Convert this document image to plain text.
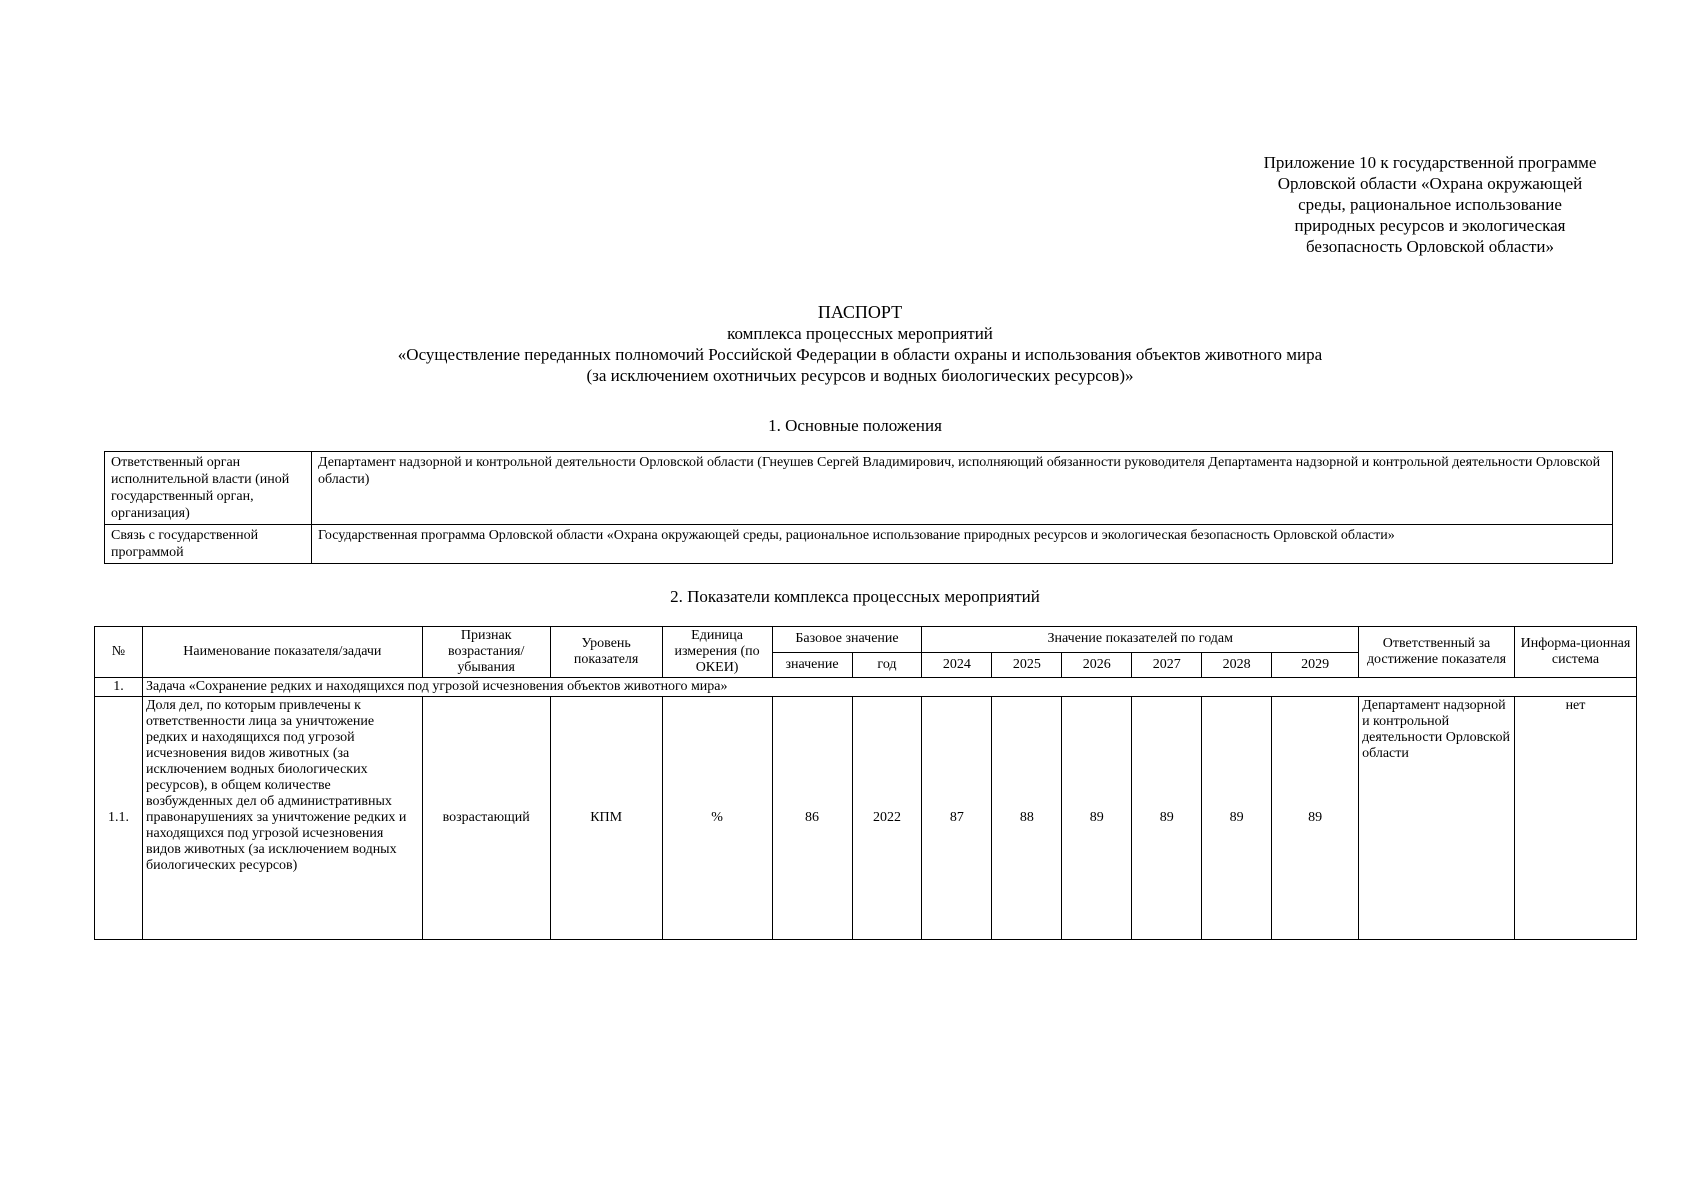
Приложение 10 к государственной программе
Орловской области «Охрана окружающей
среды, рациональное использование
природных ресурсов и экологическая
безопасность Орловской области»
ПАСПОРТ
комплекса процессных мероприятий
«Осуществление переданных полномочий Российской Федерации в области охраны и использования объектов животного мира
(за исключением охотничьих ресурсов и водных биологических ресурсов)»
1. Основные положения
Ответственный орган исполнительной власти (иной государственный орган, организация)	Департамент надзорной и контрольной деятельности Орловской области (Гнеушев Сергей Владимирович, исполняющий обязанности руководителя Департамента надзорной и контрольной деятельности Орловской области)
Связь с государственной программой	Государственная программа Орловской области «Охрана окружающей среды, рациональное использование природных ресурсов и экологическая безопасность Орловской области»
2. Показатели комплекса процессных мероприятий
№	Наименование показателя/задачи	Признак возрастания/ убывания	Уровень показателя	Единица измерения (по ОКЕИ)	Базовое значение		Значение показателей по годам						Ответственный за достижение показателя	Информа-ционная система
					значение	год	2024	2025	2026	2027	2028	2029		
1.	Задача «Сохранение редких и находящихся под угрозой исчезновения объектов животного мира»													
1.1.	Доля дел, по которым привлечены к ответственности лица за уничтожение редких и находящихся под угрозой исчезновения видов животных (за исключением водных биологических ресурсов), в общем количестве возбужденных дел об административных правонарушениях за уничтожение редких и находящихся под угрозой исчезновения видов животных (за исключением водных биологических ресурсов)	возрастающий	КПМ	%	86	2022	87	88	89	89	89	89	Департамент надзорной и контрольной деятельности Орловской области	нет
